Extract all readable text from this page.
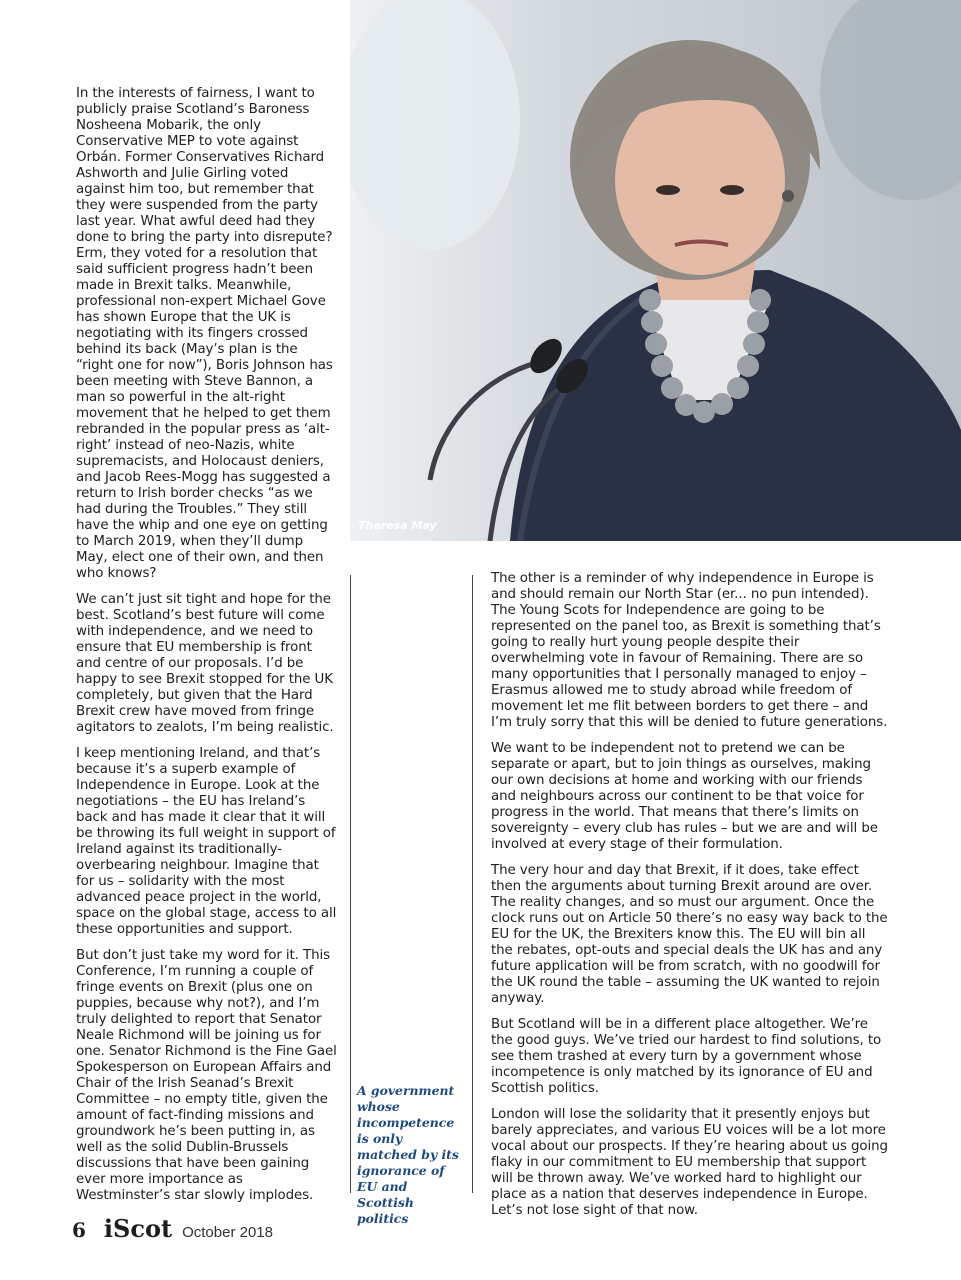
In the interests of fairness, I want to publicly praise Scotland’s Baroness Nosheena Mobarik, the only Conservative MEP to vote against Orbán. Former Conservatives Richard Ashworth and Julie Girling voted against him too, but remember that they were suspended from the party last year. What awful deed had they done to bring the party into disrepute? Erm, they voted for a resolution that said sufficient progress hadn’t been made in Brexit talks. Meanwhile, professional non-expert Michael Gove has shown Europe that the UK is negotiating with its fingers crossed behind its back (May’s plan is the “right one for now”), Boris Johnson has been meeting with Steve Bannon, a man so powerful in the alt-right movement that he helped to get them rebranded in the popular press as ‘alt-right’ instead of neo-Nazis, white supremacists, and Holocaust deniers, and Jacob Rees-Mogg has suggested a return to Irish border checks “as we had during the Troubles.” They still have the whip and one eye on getting to March 2019, when they’ll dump May, elect one of their own, and then who knows?

We can’t just sit tight and hope for the best. Scotland’s best future will come with independence, and we need to ensure that EU membership is front and centre of our proposals. I’d be happy to see Brexit stopped for the UK completely, but given that the Hard Brexit crew have moved from fringe agitators to zealots, I’m being realistic.

I keep mentioning Ireland, and that’s because it’s a superb example of Independence in Europe. Look at the negotiations – the EU has Ireland’s back and has made it clear that it will be throwing its full weight in support of Ireland against its traditionally-overbearing neighbour. Imagine that for us – solidarity with the most advanced peace project in the world, space on the global stage, access to all these opportunities and support.

But don’t just take my word for it. This Conference, I’m running a couple of fringe events on Brexit (plus one on puppies, because why not?), and I’m truly delighted to report that Senator Neale Richmond will be joining us for one. Senator Richmond is the Fine Gael Spokesperson on European Affairs and Chair of the Irish Seanad’s Brexit Committee – no empty title, given the amount of fact-finding missions and groundwork he’s been putting in, as well as the solid Dublin-Brussels discussions that have been gaining ever more importance as Westminster’s star slowly implodes.

Theresa May
A government whose incompetence is only matched by its ignorance of EU and Scottish politics

The other is a reminder of why independence in Europe is and should remain our North Star (er... no pun intended). The Young Scots for Independence are going to be represented on the panel too, as Brexit is something that’s going to really hurt young people despite their overwhelming vote in favour of Remaining. There are so many opportunities that I personally managed to enjoy – Erasmus allowed me to study abroad while freedom of movement let me flit between borders to get there – and I’m truly sorry that this will be denied to future generations.

We want to be independent not to pretend we can be separate or apart, but to join things as ourselves, making our own decisions at home and working with our friends and neighbours across our continent to be that voice for progress in the world. That means that there’s limits on sovereignty – every club has rules – but we are and will be involved at every stage of their formulation.

The very hour and day that Brexit, if it does, take effect then the arguments about turning Brexit around are over. The reality changes, and so must our argument. Once the clock runs out on Article 50 there’s no easy way back to the EU for the UK, the Brexiters know this. The EU will bin all the rebates, opt-outs and special deals the UK has and any future application will be from scratch, with no goodwill for the UK round the table – assuming the UK wanted to rejoin anyway.

But Scotland will be in a different place altogether. We’re the good guys. We’ve tried our hardest to find solutions, to see them trashed at every turn by a government whose incompetence is only matched by its ignorance of EU and Scottish politics.

London will lose the solidarity that it presently enjoys but barely appreciates, and various EU voices will be a lot more vocal about our prospects. If they’re hearing about us going flaky in our commitment to EU membership that support will be thrown away. We’ve worked hard to highlight our place as a nation that deserves independence in Europe. Let’s not lose sight of that now.

6 iScot October 2018
